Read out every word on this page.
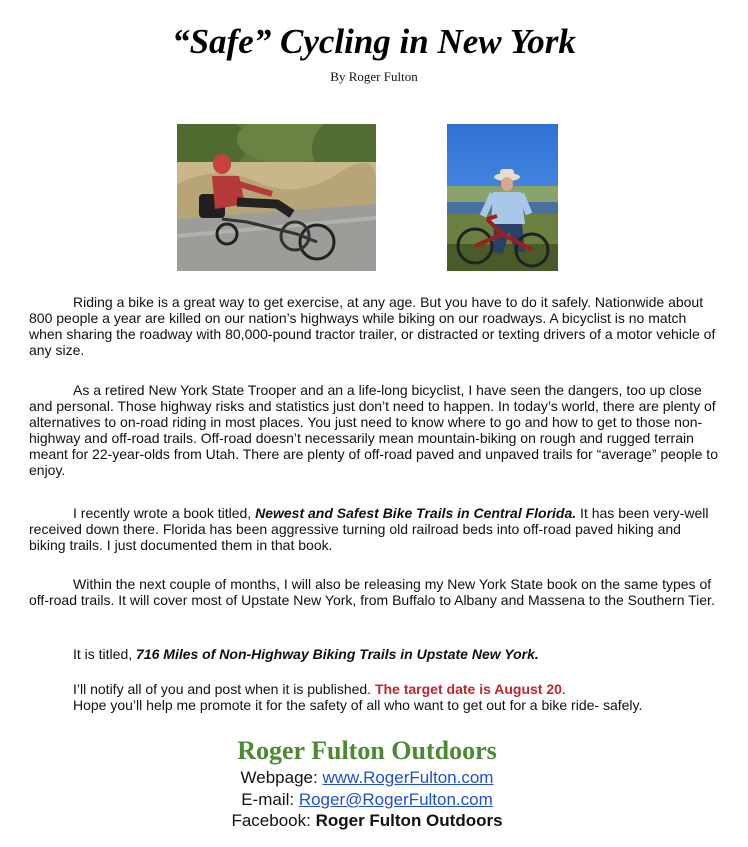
“Safe” Cycling in New York
By Roger Fulton

Riding a bike is a great way to get exercise, at any age. But you have to do it safely. Nationwide about 800 people a year are killed on our nation’s highways while biking on our roadways. A bicyclist is no match when sharing the roadway with 80,000-pound tractor trailer, or distracted or texting drivers of a motor vehicle of any size.

As a retired New York State Trooper and an a life-long bicyclist, I have seen the dangers, too up close and personal. Those highway risks and statistics just don’t need to happen. In today’s world, there are plenty of alternatives to on-road riding in most places. You just need to know where to go and how to get to those non-highway and off-road trails. Off-road doesn’t necessarily mean mountain-biking on rough and rugged terrain meant for 22-year-olds from Utah. There are plenty of off-road paved and unpaved trails for “average” people to enjoy.

I recently wrote a book titled, Newest and Safest Bike Trails in Central Florida. It has been very-well received down there. Florida has been aggressive turning old railroad beds into off-road paved hiking and biking trails. I just documented them in that book.

Within the next couple of months, I will also be releasing my New York State book on the same types of off-road trails. It will cover most of Upstate New York, from Buffalo to Albany and Massena to the Southern Tier.

It is titled, 716 Miles of Non-Highway Biking Trails in Upstate New York.

I’ll notify all of you and post when it is published. The target date is August 20.

Hope you’ll help me promote it for the safety of all who want to get out for a bike ride- safely.

Roger Fulton Outdoors
Webpage: www.RogerFulton.com
E-mail: Roger@RogerFulton.com
Facebook: Roger Fulton Outdoors
